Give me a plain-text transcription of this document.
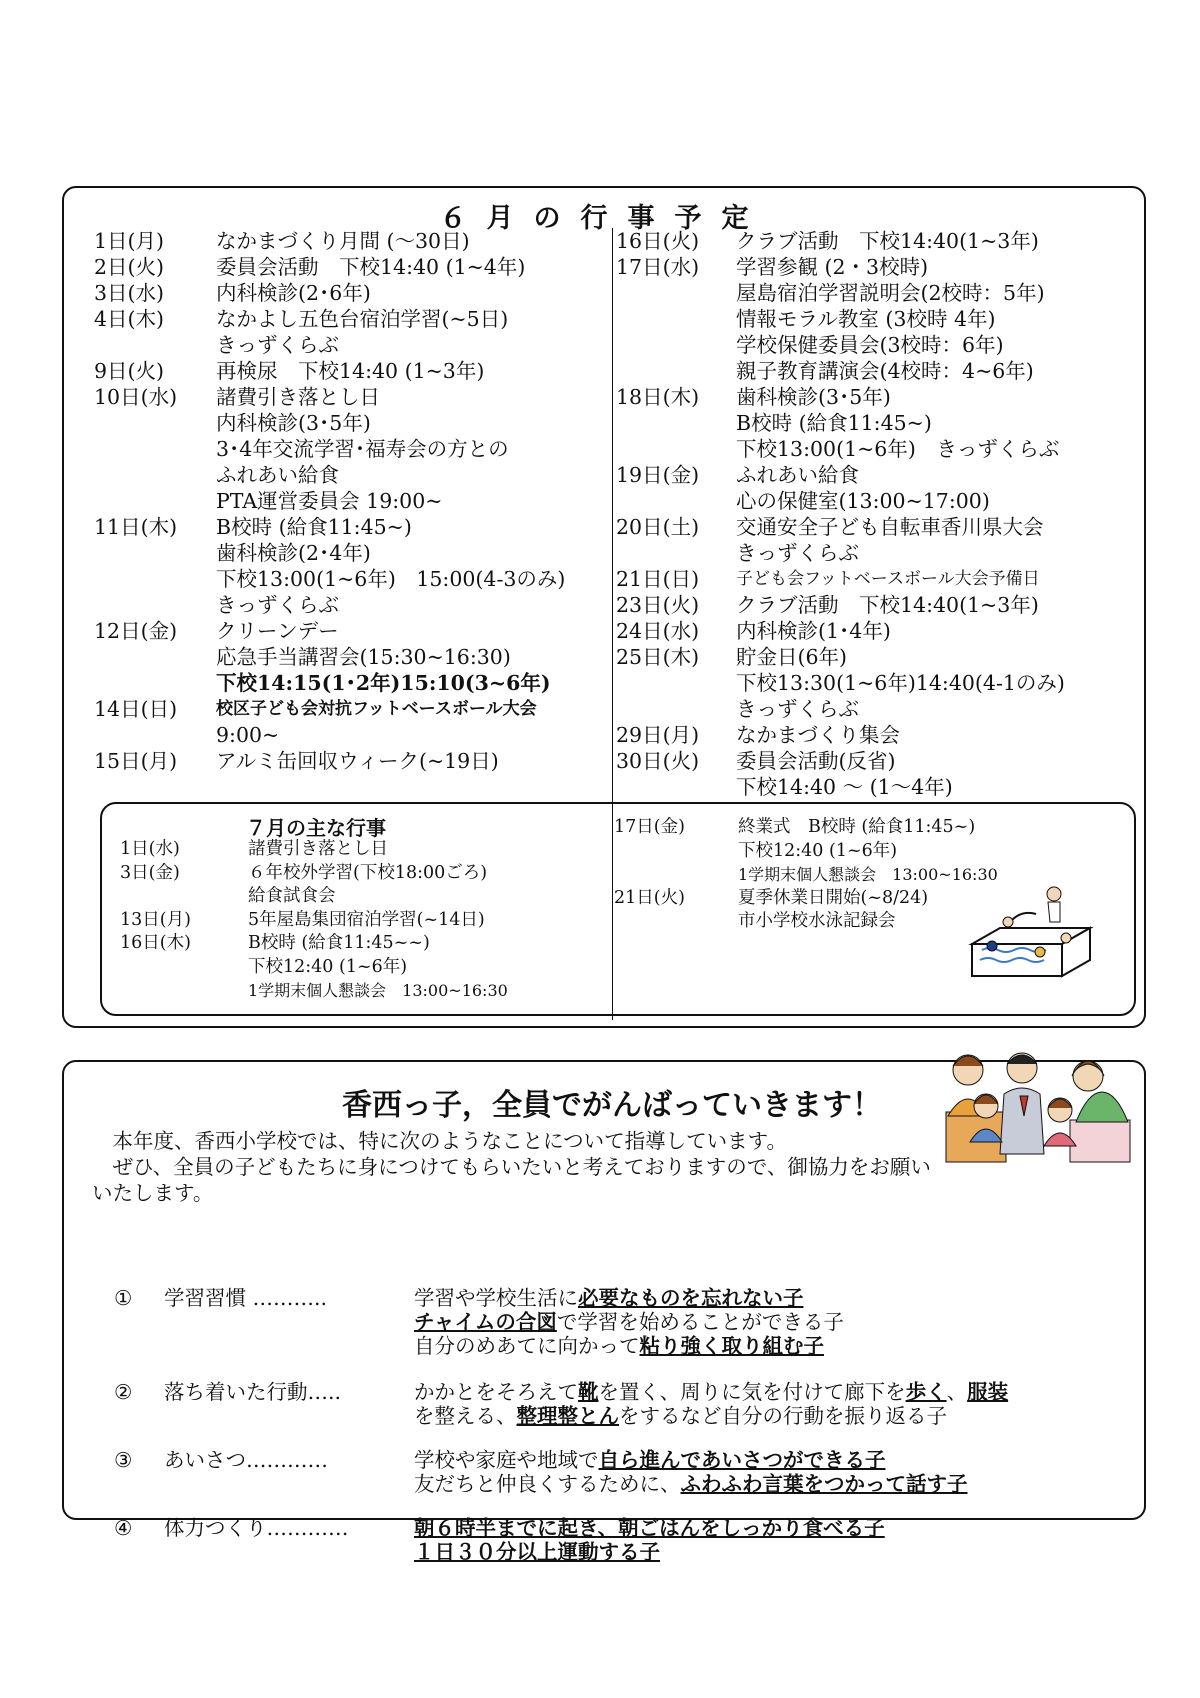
６月の行事予定
1日(月)	なかまづくり月間 (～30日)
2日(火)	委員会活動　下校14:40 (1~4年)
3日(水)	内科検診(2･6年)
4日(木)	なかよし五色台宿泊学習(~5日)
きっずくらぶ
9日(火)	再検尿　下校14:40 (1~3年)
10日(水)	諸費引き落とし日
内科検診(3･5年)
3･4年交流学習･福寿会の方との
ふれあい給食
PTA運営委員会 19:00~
11日(木)	B校時 (給食11:45~)
歯科検診(2･4年)
下校13:00(1~6年)　15:00(4-3のみ)
きっずくらぶ
12日(金)	クリーンデー
応急手当講習会(15:30~16:30)
下校14:15(1･2年)15:10(3~6年)
14日(日)	校区子ども会対抗フットベースボール大会
9:00~
15日(月)	アルミ缶回収ウィーク(~19日)
16日(火)	クラブ活動　下校14:40(1~3年)
17日(水)	学習参観 (2・3校時)
屋島宿泊学習説明会(2校時：5年)
情報モラル教室 (3校時 4年)
学校保健委員会(3校時：6年)
親子教育講演会(4校時：4~6年)
18日(木)	歯科検診(3･5年)
B校時 (給食11:45~)
下校13:00(1~6年)　きっずくらぶ
19日(金)	ふれあい給食
心の保健室(13:00~17:00)
20日(土)	交通安全子ども自転車香川県大会
きっずくらぶ
21日(日)	子ども会フットベースボール大会予備日
23日(火)	クラブ活動　下校14:40(1~3年)
24日(水)	内科検診(1･4年)
25日(木)	貯金日(6年)
下校13:30(1~6年)14:40(4-1のみ)
きっずくらぶ
29日(月)	なかまづくり集会
30日(火)	委員会活動(反省)
下校14:40 ～ (1～4年)
７月の主な行事
1日(水)	諸費引き落とし日
3日(金)	６年校外学習(下校18:00ごろ)
給食試食会
13日(月)	5年屋島集団宿泊学習(~14日)
16日(木)	B校時 (給食11:45~~)
下校12:40 (1~6年)
1学期末個人懇談会　13:00~16:30
17日(金)	終業式　B校時 (給食11:45~)
下校12:40 (1~6年)
1学期末個人懇談会　13:00~16:30
21日(火)	夏季休業日開始(~8/24)
市小学校水泳記録会
香西っ子，全員でがんばっていきます！

　本年度、香西小学校では、特に次のようなことについて指導しています。

　ぜひ、全員の子どもたちに身につけてもらいたいと考えておりますので、御協力をお願い

いたします。

①	学習習慣 ………..	学習や学校生活に必要なものを忘れない子
チャイムの合図で学習を始めることができる子
自分のめあてに向かって粘り強く取り組む子
②	落ち着いた行動…..	かかとをそろえて靴を置く、周りに気を付けて廊下を歩く、服装
を整える、整理整とんをするなど自分の行動を振り返る子
③	あいさつ…………	学校や家庭や地域で自ら進んであいさつができる子
友だちと仲良くするために、ふわふわ言葉をつかって話す子
④	体力つくり…………	朝６時半までに起き、朝ごはんをしっかり食べる子
１日３０分以上運動する子
